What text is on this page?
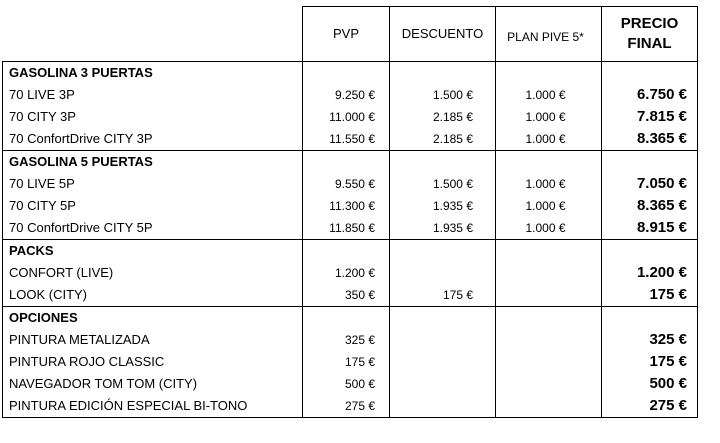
	PVP	DESCUENTO	PLAN PIVE 5*	PRECIO
FINAL
GASOLINA 3 PUERTAS				
70 LIVE 3P	9.250 €	1.500 €	1.000 €	6.750 €
70 CITY 3P	11.000 €	2.185 €	1.000 €	7.815 €
70 ConfortDrive CITY 3P	11.550 €	2.185 €	1.000 €	8.365 €
GASOLINA 5 PUERTAS				
70 LIVE 5P	9.550 €	1.500 €	1.000 €	7.050 €
70 CITY 5P	11.300 €	1.935 €	1.000 €	8.365 €
70 ConfortDrive CITY 5P	11.850 €	1.935 €	1.000 €	8.915 €
PACKS				
CONFORT (LIVE)	1.200 €			1.200 €
LOOK (CITY)	350 €	175 €		175 €
OPCIONES				
PINTURA METALIZADA	325 €			325 €
PINTURA ROJO CLASSIC	175 €			175 €
NAVEGADOR TOM TOM (CITY)	500 €			500 €
PINTURA EDICIÓN ESPECIAL BI-TONO	275 €			275 €
